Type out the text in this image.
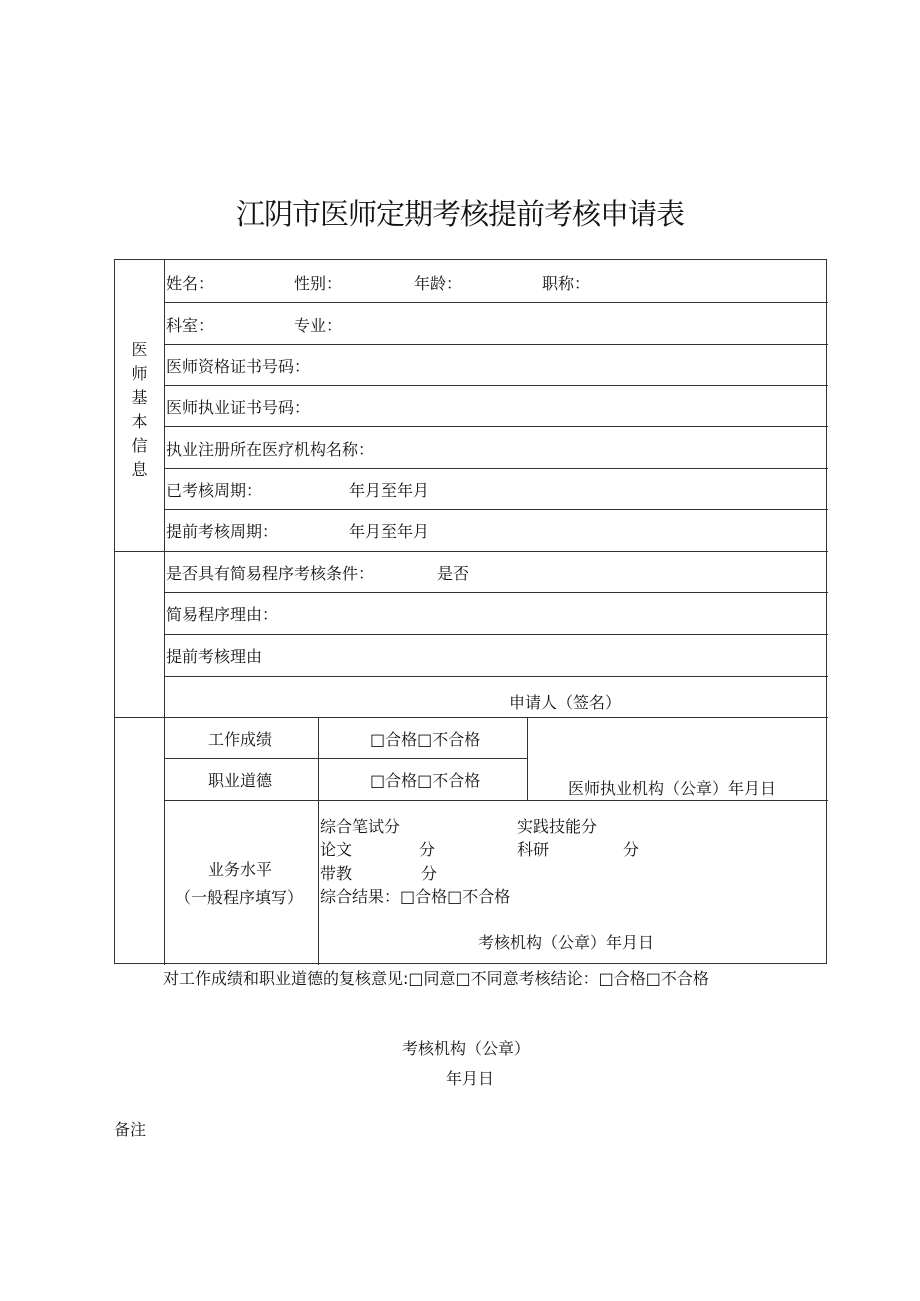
江阴市医师定期考核提前考核申请表
医
师
基
本
信
息
姓名：	性别：	年龄：	职称：
科室：	专业：
医师资格证书号码：
医师执业证书号码：
执业注册所在医疗机构名称：
已考核周期：	年月至年月
提前考核周期：	年月至年月
是否具有简易程序考核条件：	是否
简易程序理由：
提前考核理由
申请人（签名）
工作成绩	□合格□不合格
职业道德	□合格□不合格	医师执业机构（公章）年月日
业务水平
（一般程序填写）
综合笔试分	实践技能分
论文	分	科研	分
带教	分
综合结果：□合格□不合格
考核机构（公章）年月日
对工作成绩和职业道德的复核意见:□同意□不同意考核结论：□合格□不合格
考核机构（公章）
年月日
备注
